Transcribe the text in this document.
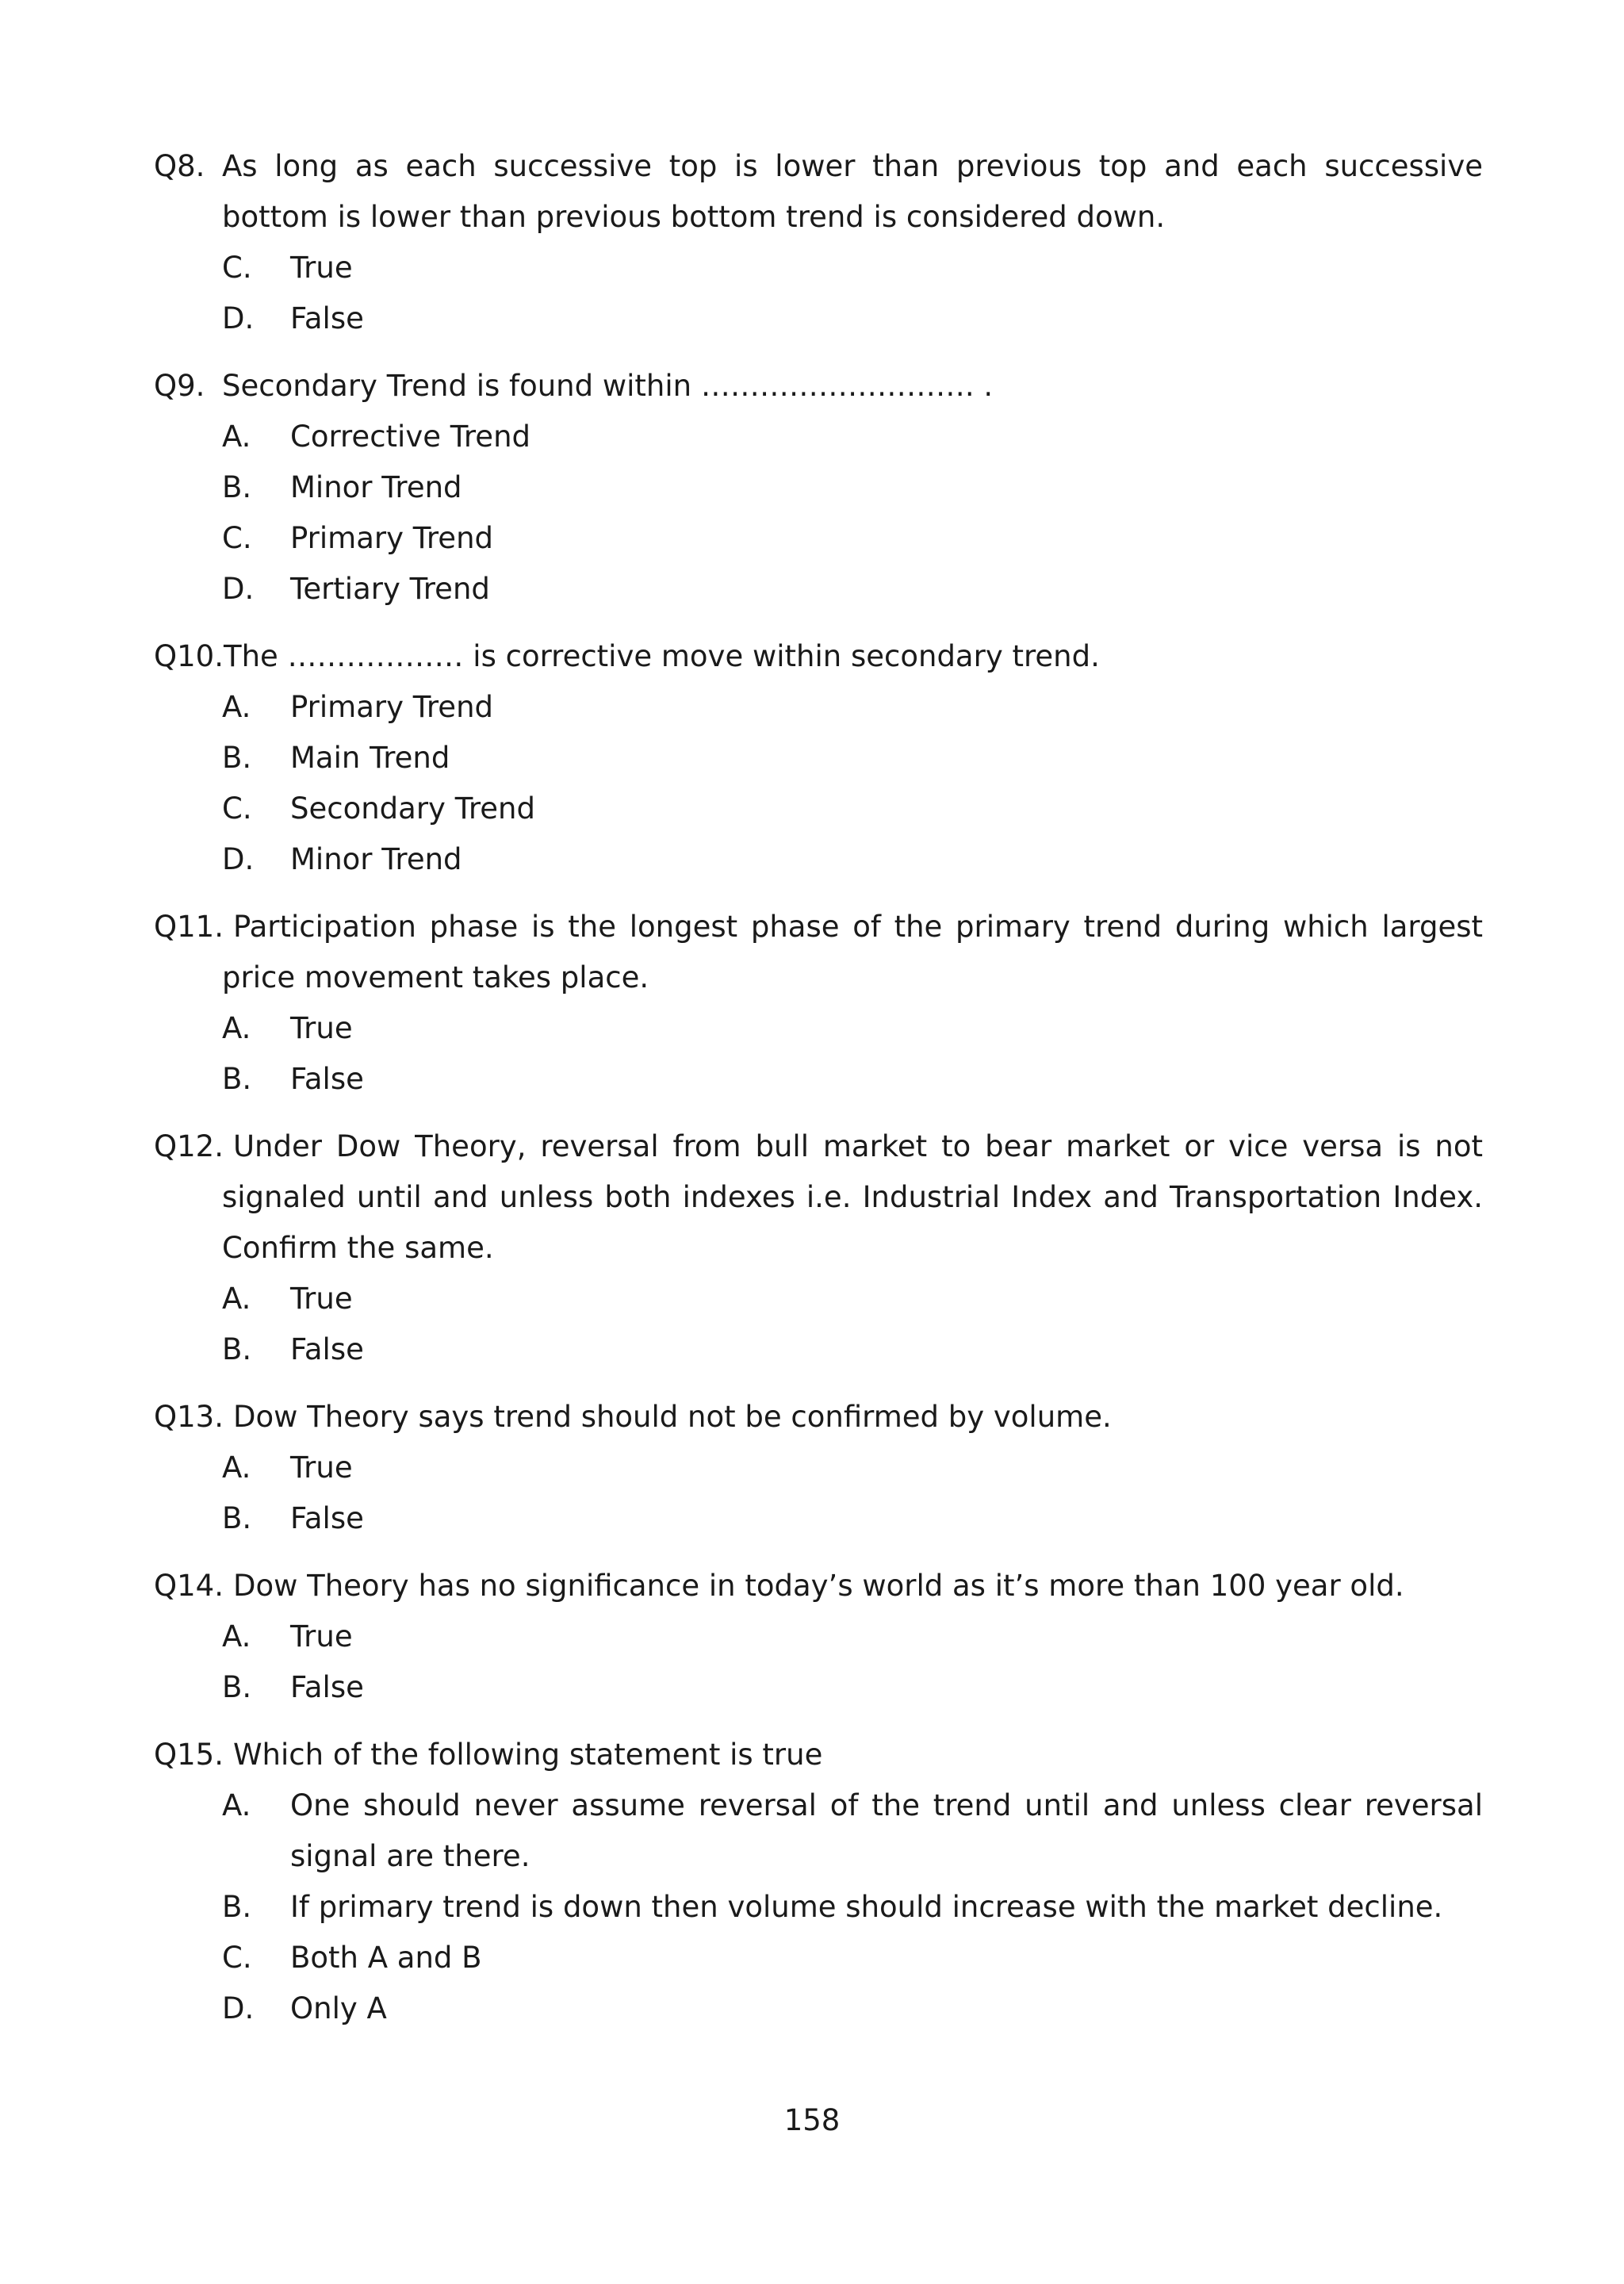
Q8. As long as each successive top is lower than previous top and each successive bottom is lower than previous bottom trend is considered down.

C. True
D. False

Q9. Secondary Trend is found within ………………………. .

A. Corrective Trend
B. Minor Trend
C. Primary Trend
D. Tertiary Trend

Q10.The ……………… is corrective move within secondary trend.

A. Primary Trend
B. Main Trend
C. Secondary Trend
D. Minor Trend

Q11. Participation phase is the longest phase of the primary trend during which largest price movement takes place.

A. True
B. False

Q12. Under Dow Theory, reversal from bull market to bear market or vice versa is not signaled until and unless both indexes i.e. Industrial Index and Transportation Index. Confirm the same.

A. True
B. False

Q13. Dow Theory says trend should not be confirmed by volume.

A. True
B. False

Q14. Dow Theory has no significance in today’s world as it’s more than 100 year old.

A. True
B. False

Q15. Which of the following statement is true

A. One should never assume reversal of the trend until and unless clear reversal signal are there.
B. If primary trend is down then volume should increase with the market decline.
C. Both A and B
D. Only A
158
